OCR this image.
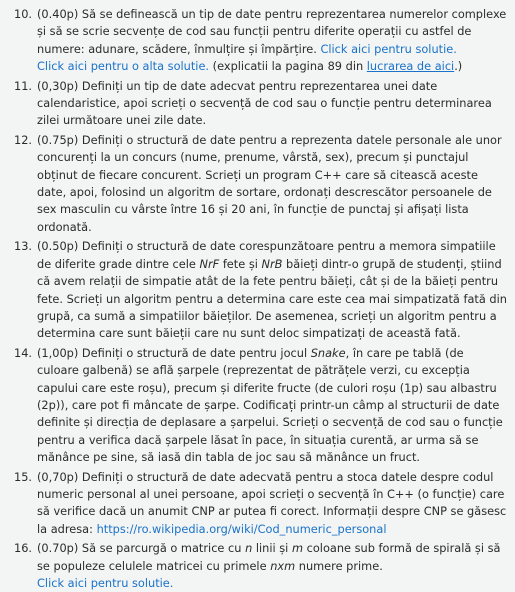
10. (0.40p) Să se definească un tip de date pentru reprezentarea numerelor complexe și să se scrie secvențe de cod sau funcții pentru diferite operații cu astfel de numere: adunare, scădere, înmulțire și împărțire. Click aici pentru solutie.
Click aici pentru o alta solutie. (explicatii la pagina 89 din lucrarea de aici.)
11. (0,30p) Definiți un tip de date adecvat pentru reprezentarea unei date calendaristice, apoi scrieți o secvență de cod sau o funcție pentru determinarea zilei următoare unei zile date.
12. (0.75p) Definiți o structură de date pentru a reprezenta datele personale ale unor concurenți la un concurs (nume, prenume, vârstă, sex), precum și punctajul obținut de fiecare concurent. Scrieți un program C++ care să citească aceste date, apoi, folosind un algoritm de sortare, ordonați descrescător persoanele de sex masculin cu vârste între 16 și 20 ani, în funcție de punctaj și afișați lista ordonată.
13. (0.50p) Definiți o structură de date corespunzătoare pentru a memora simpatiile de diferite grade dintre cele NrF fete și NrB băieți dintr-o grupă de studenți, știind că avem relații de simpatie atât de la fete pentru băieți, cât și de la băieți pentru fete. Scrieți un algoritm pentru a determina care este cea mai simpatizată fată din grupă, ca sumă a simpatiilor băieților. De asemenea, scrieți un algoritm pentru a determina care sunt băieții care nu sunt deloc simpatizați de această fată.
14. (1,00p) Definiți o structură de date pentru jocul Snake, în care pe tablă (de culoare galbenă) se află șarpele (reprezentat de pătrățele verzi, cu excepția capului care este roșu), precum și diferite fructe (de culori roșu (1p) sau albastru (2p)), care pot fi mâncate de șarpe. Codificați printr-un câmp al structurii de date definite și direcția de deplasare a șarpelui. Scrieți o secvență de cod sau o funcție pentru a verifica dacă șarpele lăsat în pace, în situația curentă, ar urma să se mănânce pe sine, să iasă din tabla de joc sau să mănânce un fruct.
15. (0,70p) Definiți o structură de date adecvată pentru a stoca datele despre codul numeric personal al unei persoane, apoi scrieți o secvență în C++ (o funcție) care să verifice dacă un anumit CNP ar putea fi corect. Informații despre CNP se găsesc la adresa: https://ro.wikipedia.org/wiki/Cod_numeric_personal
16. (0.70p) Să se parcurgă o matrice cu n linii și m coloane sub formă de spirală și să se populeze celulele matricei cu primele nxm numere prime.
Click aici pentru solutie.
